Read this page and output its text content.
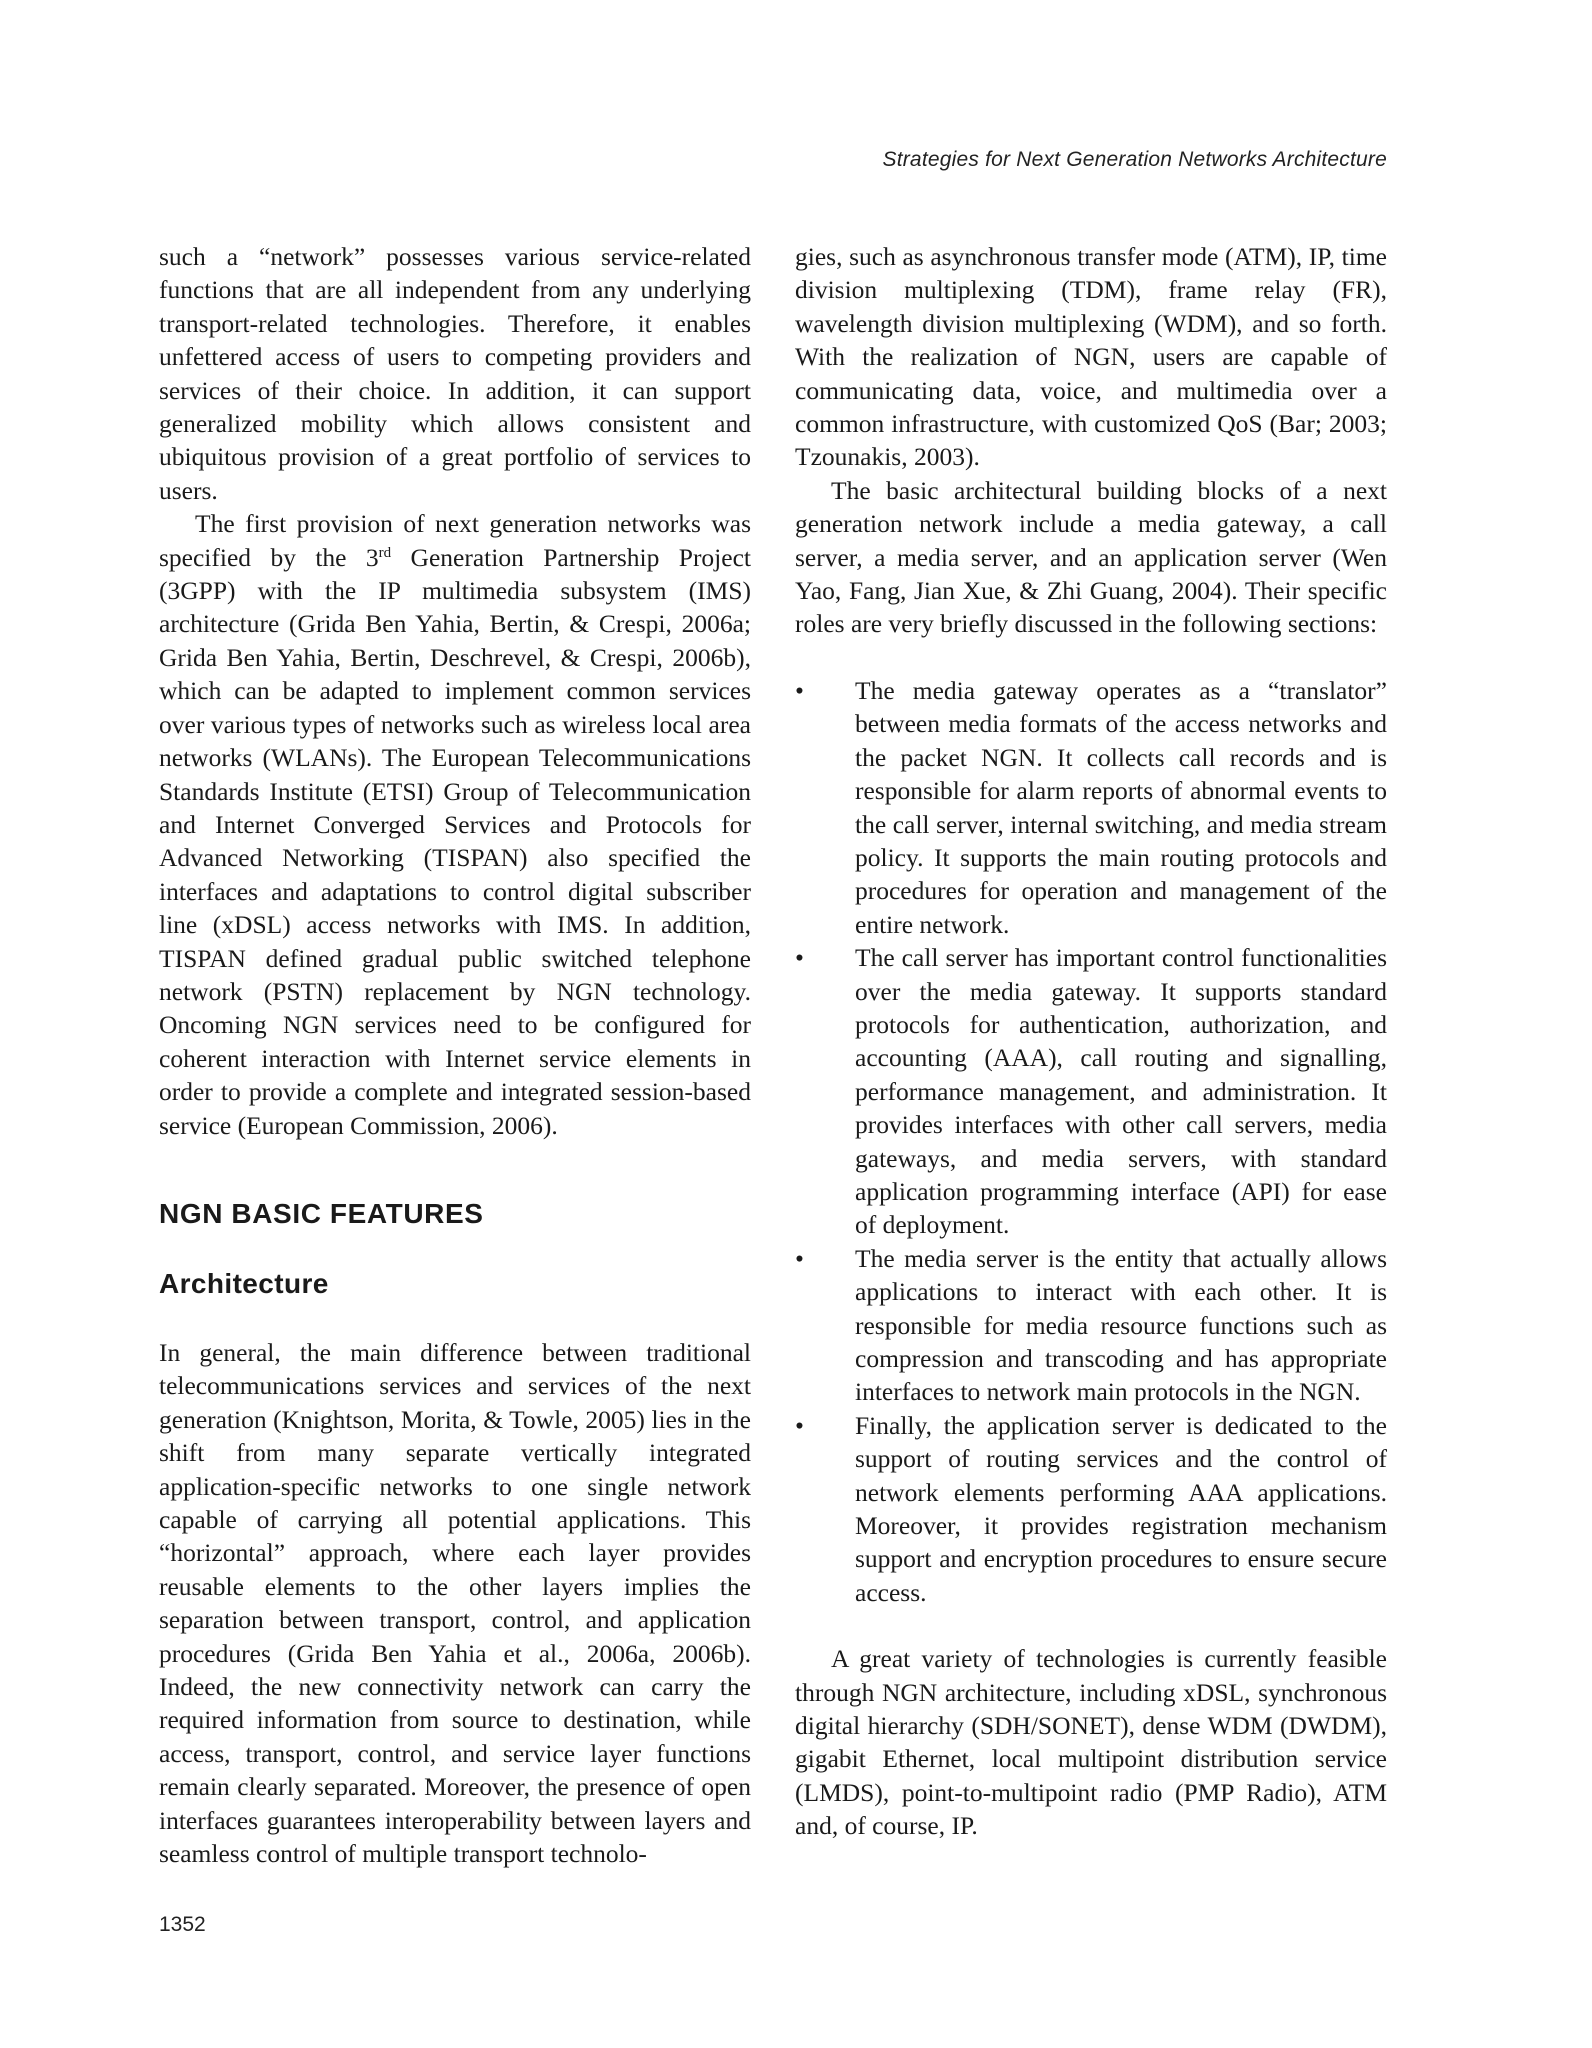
Strategies for Next Generation Networks Architecture

such a “network” possesses various service-related functions that are all independent from any underlying transport-related technologies. Therefore, it enables unfettered access of users to competing providers and services of their choice. In addition, it can support generalized mobility which allows consistent and ubiquitous provision of a great portfolio of services to users.

The first provision of next generation networks was specified by the 3rd Generation Partnership Project (3GPP) with the IP multimedia subsystem (IMS) architecture (Grida Ben Yahia, Bertin, & Crespi, 2006a; Grida Ben Yahia, Bertin, Deschrevel, & Crespi, 2006b), which can be adapted to implement common services over various types of networks such as wireless local area networks (WLANs). The European Telecommunications Standards Institute (ETSI) Group of Telecommunication and Internet Converged Services and Protocols for Advanced Networking (TISPAN) also specified the interfaces and adaptations to control digital subscriber line (xDSL) access networks with IMS. In addition, TISPAN defined gradual public switched telephone network (PSTN) replacement by NGN technology. Oncoming NGN services need to be configured for coherent interaction with Internet service elements in order to provide a complete and integrated session-based service (European Commission, 2006).

NGN BASIC FEATURES
Architecture

In general, the main difference between traditional telecommunications services and services of the next generation (Knightson, Morita, & Towle, 2005) lies in the shift from many separate vertically integrated application-specific networks to one single network capable of carrying all potential applications. This “horizontal” approach, where each layer provides reusable elements to the other layers implies the separation between transport, control, and application procedures (Grida Ben Yahia et al., 2006a, 2006b). Indeed, the new connectivity network can carry the required information from source to destination, while access, transport, control, and service layer functions remain clearly separated. Moreover, the presence of open interfaces guarantees interoperability between layers and seamless control of multiple transport technolo-

gies, such as asynchronous transfer mode (ATM), IP, time division multiplexing (TDM), frame relay (FR), wavelength division multiplexing (WDM), and so forth. With the realization of NGN, users are capable of communicating data, voice, and multimedia over a common infrastructure, with customized QoS (Bar; 2003; Tzounakis, 2003).

The basic architectural building blocks of a next generation network include a media gateway, a call server, a media server, and an application server (Wen Yao, Fang, Jian Xue, & Zhi Guang, 2004). Their specific roles are very briefly discussed in the following sections:

•	The media gateway operates as a “translator” between media formats of the access networks and the packet NGN. It collects call records and is responsible for alarm reports of abnormal events to the call server, internal switching, and media stream policy. It supports the main routing protocols and procedures for operation and management of the entire network.
•	The call server has important control functionalities over the media gateway. It supports standard protocols for authentication, authorization, and accounting (AAA), call routing and signalling, performance management, and administration. It provides interfaces with other call servers, media gateways, and media servers, with standard application programming interface (API) for ease of deployment.
•	The media server is the entity that actually allows applications to interact with each other. It is responsible for media resource functions such as compression and transcoding and has appropriate interfaces to network main protocols in the NGN.
•	Finally, the application server is dedicated to the support of routing services and the control of network elements performing AAA applications. Moreover, it provides registration mechanism support and encryption procedures to ensure secure access.

A great variety of technologies is currently feasible through NGN architecture, including xDSL, synchronous digital hierarchy (SDH/SONET), dense WDM (DWDM), gigabit Ethernet, local multipoint distribution service (LMDS), point-to-multipoint radio (PMP Radio), ATM and, of course, IP.

1352
